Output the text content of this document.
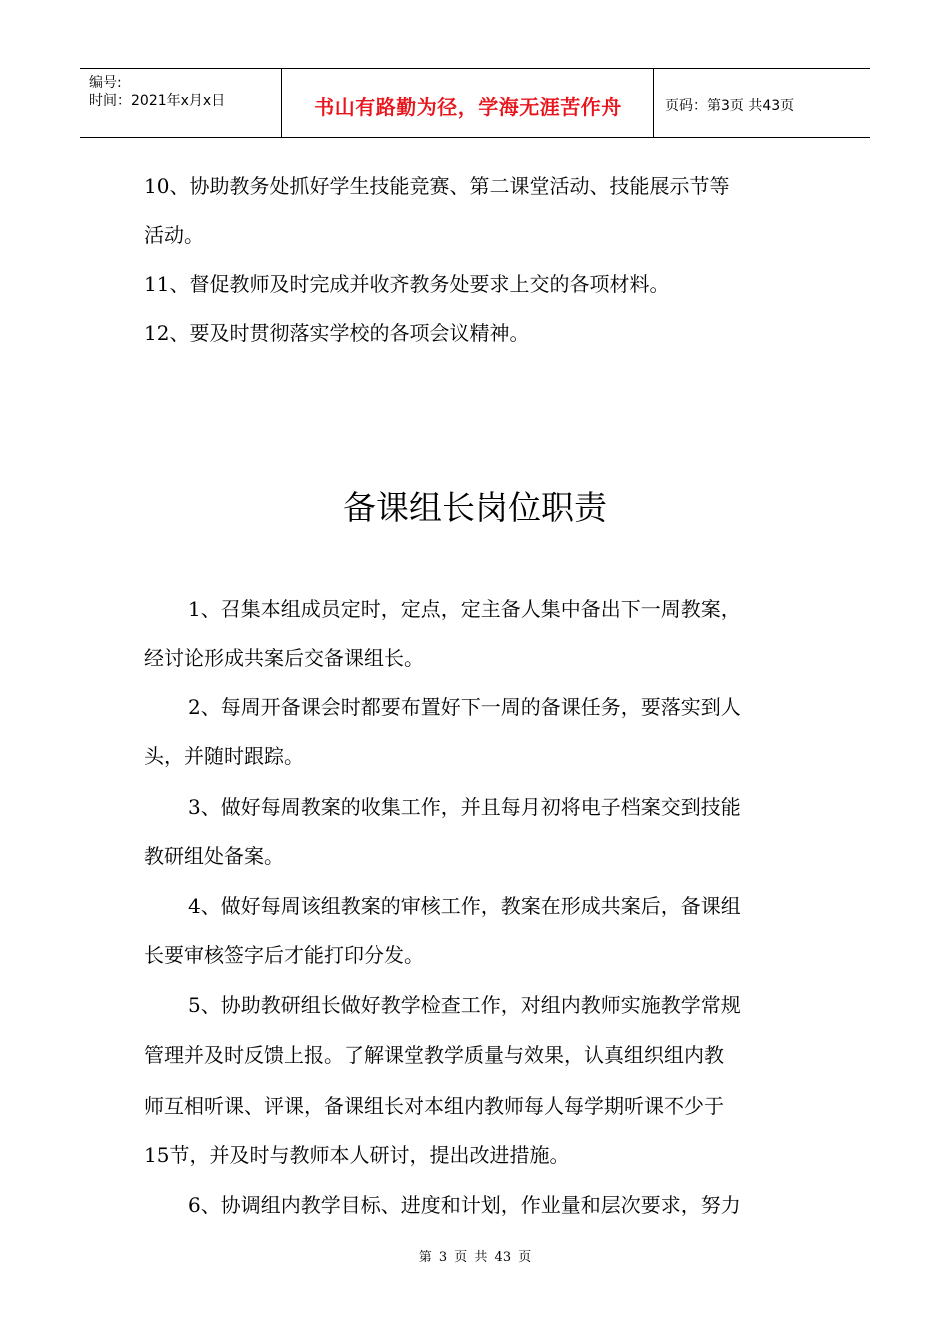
编号:
时间：2021年x月x日	书山有路勤为径，学海无涯苦作舟	页码：第3页 共43页
10、协助教务处抓好学生技能竞赛、第二课堂活动、技能展示节等
活动。
11、督促教师及时完成并收齐教务处要求上交的各项材料。
12、要及时贯彻落实学校的各项会议精神。
备课组长岗位职责
1、召集本组成员定时，定点，定主备人集中备出下一周教案，
经讨论形成共案后交备课组长。
2、每周开备课会时都要布置好下一周的备课任务，要落实到人
头，并随时跟踪。
3、做好每周教案的收集工作，并且每月初将电子档案交到技能
教研组处备案。
4、做好每周该组教案的审核工作，教案在形成共案后，备课组
长要审核签字后才能打印分发。
5、协助教研组长做好教学检查工作，对组内教师实施教学常规
管理并及时反馈上报。了解课堂教学质量与效果，认真组织组内教
师互相听课、评课，备课组长对本组内教师每人每学期听课不少于
15节，并及时与教师本人研讨，提出改进措施。
6、协调组内教学目标、进度和计划，作业量和层次要求，努力
第 3 页 共 43 页
